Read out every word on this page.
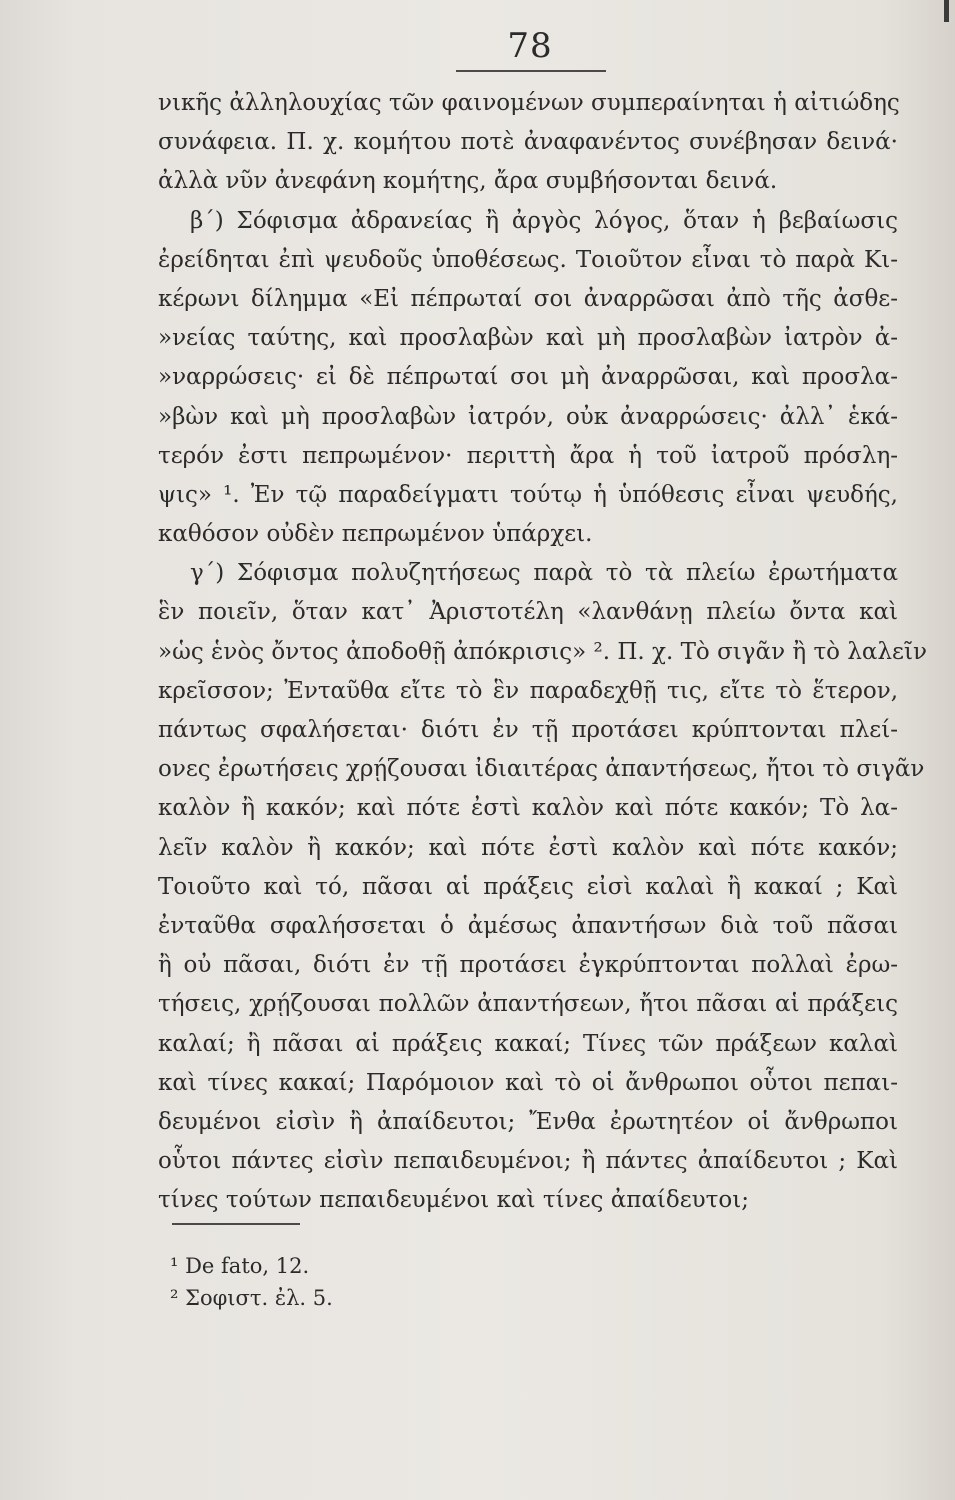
78
νικῆς ἀλληλουχίας τῶν φαινομένων συμπεραίνηται ἡ αἰτιώδης
συνάφεια. Π. χ. κομήτου ποτὲ ἀναφανέντος συνέβησαν δεινά·
ἀλλὰ νῦν ἀνεφάνη κομήτης, ἄρα συμβήσονται δεινά.
β΄) Σόφισμα ἀδρανείας ἢ ἀργὸς λόγος, ὅταν ἡ βεβαίωσις
ἐρείδηται ἐπὶ ψευδοῦς ὑποθέσεως. Τοιοῦτον εἶναι τὸ παρὰ Κι-
κέρωνι δίλημμα «Εἰ πέπρωταί σοι ἀναρρῶσαι ἀπὸ τῆς ἀσθε-
»νείας ταύτης, καὶ προσλαβὼν καὶ μὴ προσλαβὼν ἰατρὸν ἀ-
»ναρρώσεις· εἰ δὲ πέπρωταί σοι μὴ ἀναρρῶσαι, καὶ προσλα-
»βὼν καὶ μὴ προσλαβὼν ἰατρόν, οὐκ ἀναρρώσεις· ἀλλ᾽ ἑκά-
τερόν ἐστι πεπρωμένον· περιττὴ ἄρα ἡ τοῦ ἰατροῦ πρόσλη-
ψις» ¹. Ἐν τῷ παραδείγματι τούτῳ ἡ ὑπόθεσις εἶναι ψευδής,
καθόσον οὐδὲν πεπρωμένον ὑπάρχει.
γ΄) Σόφισμα πολυζητήσεως παρὰ τὸ τὰ πλείω ἐρωτήματα
ἓν ποιεῖν, ὅταν κατ᾽ Ἀριστοτέλη «λανθάνῃ πλείω ὄντα καὶ
»ὡς ἑνὸς ὄντος ἀποδοθῇ ἀπόκρισις» ². Π. χ. Τὸ σιγᾶν ἢ τὸ λαλεῖν
κρεῖσσον; Ἐνταῦθα εἴτε τὸ ἓν παραδεχθῇ τις, εἴτε τὸ ἕτερον,
πάντως σφαλήσεται· διότι ἐν τῇ προτάσει κρύπτονται πλεί-
ονες ἐρωτήσεις χρῄζουσαι ἰδιαιτέρας ἀπαντήσεως, ἤτοι τὸ σιγᾶν
καλὸν ἢ κακόν; καὶ πότε ἐστὶ καλὸν καὶ πότε κακόν; Τὸ λα-
λεῖν καλὸν ἢ κακόν; καὶ πότε ἐστὶ καλὸν καὶ πότε κακόν;
Τοιοῦτο καὶ τό, πᾶσαι αἱ πράξεις εἰσὶ καλαὶ ἢ κακαί ; Καὶ
ἐνταῦθα σφαλήσσεται ὁ ἀμέσως ἀπαντήσων διὰ τοῦ πᾶσαι
ἢ οὐ πᾶσαι, διότι ἐν τῇ προτάσει ἐγκρύπτονται πολλαὶ ἐρω-
τήσεις, χρῄζουσαι πολλῶν ἀπαντήσεων, ἤτοι πᾶσαι αἱ πράξεις
καλαί; ἢ πᾶσαι αἱ πράξεις κακαί; Τίνες τῶν πράξεων καλαὶ
καὶ τίνες κακαί; Παρόμοιον καὶ τὸ οἱ ἄνθρωποι οὗτοι πεπαι-
δευμένοι εἰσὶν ἢ ἀπαίδευτοι; Ἔνθα ἐρωτητέον οἱ ἄνθρωποι
οὗτοι πάντες εἰσὶν πεπαιδευμένοι; ἢ πάντες ἀπαίδευτοι ; Καὶ
τίνες τούτων πεπαιδευμένοι καὶ τίνες ἀπαίδευτοι;
¹ De fato, 12.
² Σοφιστ. ἐλ. 5.
